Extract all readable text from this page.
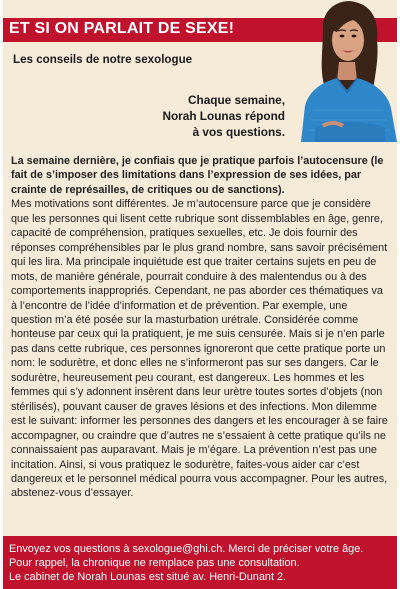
ET SI ON PARLAIT DE SEXE!
Les conseils de notre sexologue
Chaque semaine,
Norah Lounas répond
à vos questions.
La semaine dernière, je confiais que je pratique parfois l’autocensure (le fait de s’imposer des limitations dans l’expression de ses idées, par crainte de représailles, de critiques ou de sanctions).
Mes motivations sont différentes. Je m’autocensure parce que je considère que les personnes qui lisent cette rubrique sont dissemblables en âge, genre, capacité de compréhension, pratiques sexuelles, etc. Je dois fournir des réponses compréhensibles par le plus grand nombre, sans savoir précisément qui les lira. Ma principale inquiétude est que traiter certains sujets en peu de mots, de manière générale, pourrait conduire à des malentendus ou à des comportements inappropriés. Cependant, ne pas aborder ces thématiques va à l’encontre de l’idée d’information et de prévention. Par exemple, une question m’a été posée sur la masturbation urétrale. Considérée comme honteuse par ceux qui la pratiquent, je me suis censurée. Mais si je n’en parle pas dans cette rubrique, ces personnes ignoreront que cette pratique porte un nom: le sodurètre, et donc elles ne s’informeront pas sur ses dangers. Car le sodurètre, heureusement peu courant, est dangereux. Les hommes et les femmes qui s’y adonnent insèrent dans leur urètre toutes sortes d’objets (non stérilisés), pouvant causer de graves lésions et des infections. Mon dilemme est le suivant: informer les personnes des dangers et les encourager à se faire accompagner, ou craindre que d’autres ne s’essaient à cette pratique qu’ils ne connaissaient pas auparavant. Mais je m’égare. La prévention n’est pas une incitation. Ainsi, si vous pratiquez le sodurètre, faites-vous aider car c’est dangereux et le personnel médical pourra vous accompagner. Pour les autres, abstenez-vous d’essayer.
Envoyez vos questions à sexologue@ghi.ch. Merci de préciser votre âge.
Pour rappel, la chronique ne remplace pas une consultation.
Le cabinet de Norah Lounas est situé av. Henri-Dunant 2.
